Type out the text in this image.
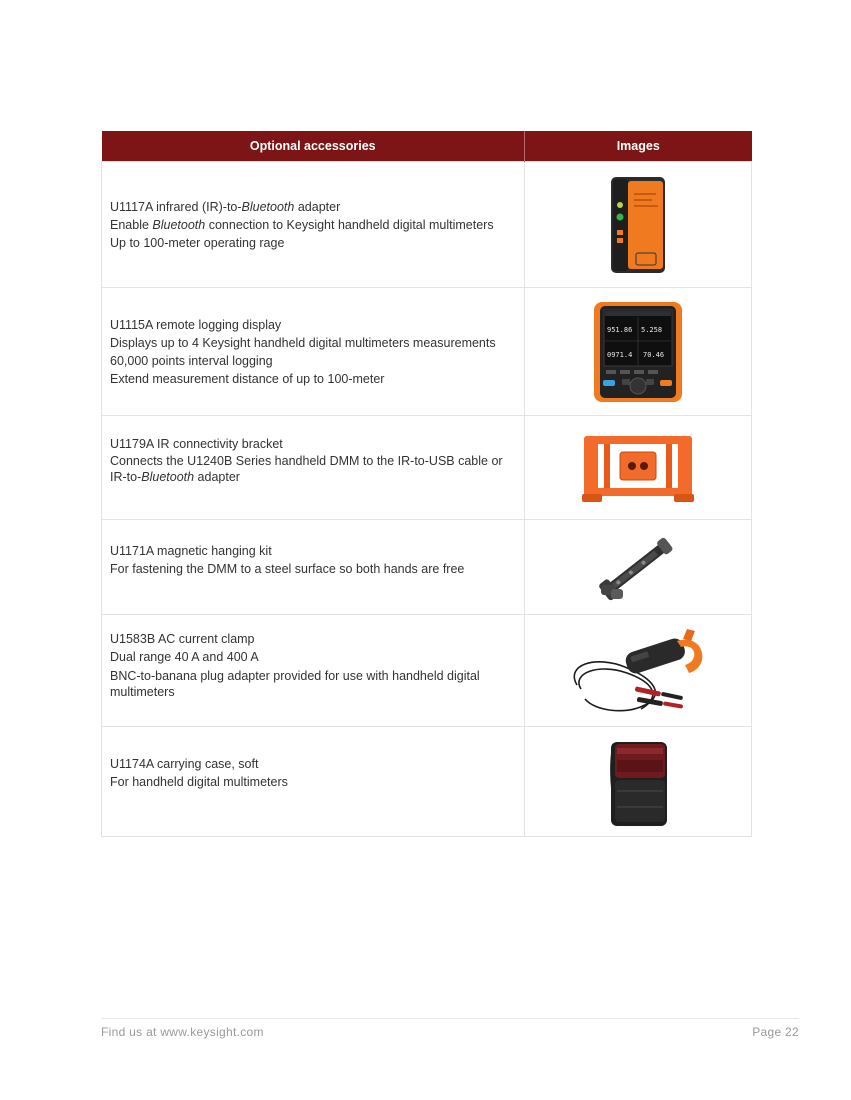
Optional accessories	Images

U1117A infrared (IR)-to-Bluetooth adapter
Enable Bluetooth connection to Keysight handheld digital multimeters
Up to 100-meter operating rage

U1115A remote logging display
Displays up to 4 Keysight handheld digital multimeters measurements
60,000 points interval logging
Extend measurement distance of up to 100-meter	951.86 5.258
0971.4 70.46

U1179A IR connectivity bracket
Connects the U1240B Series handheld DMM to the IR-to-USB cable or IR-to-Bluetooth adapter

U1171A magnetic hanging kit
For fastening the DMM to a steel surface so both hands are free

U1583B AC current clamp
Dual range 40 A and 400 A
BNC-to-banana plug adapter provided for use with handheld digital multimeters

U1174A carrying case, soft
For handheld digital multimeters

Find us at www.keysight.com	Page 22
